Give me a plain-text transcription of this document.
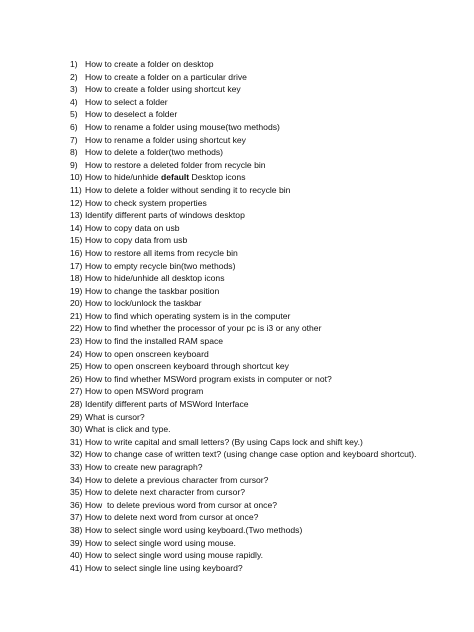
1) How to create a folder on desktop
2) How to create a folder on a particular drive
3) How to create a folder using shortcut key
4) How to select a folder
5) How to deselect a folder
6) How to rename a folder using mouse(two methods)
7) How to rename a folder using shortcut key
8) How to delete a folder(two methods)
9) How to restore a deleted folder from recycle bin
10) How to hide/unhide default Desktop icons
11) How to delete a folder without sending it to recycle bin
12) How to check system properties
13) Identify different parts of windows desktop
14) How to copy data on usb
15) How to copy data from usb
16) How to restore all items from recycle bin
17) How to empty recycle bin(two methods)
18) How to hide/unhide all desktop icons
19) How to change the taskbar position
20) How to lock/unlock the taskbar
21) How to find which operating system is in the computer
22) How to find whether the processor of your pc is i3 or any other
23) How to find the installed RAM space
24) How to open onscreen keyboard
25) How to open onscreen keyboard through shortcut key
26) How to find whether MSWord program exists in computer or not?
27) How to open MSWord program
28) Identify different parts of MSWord Interface
29) What is cursor?
30) What is click and type.
31) How to write capital and small letters? (By using Caps lock and shift key.)
32) How to change case of written text? (using change case option and keyboard shortcut).
33) How to create new paragraph?
34) How to delete a previous character from cursor?
35) How to delete next character from cursor?
36) How  to delete previous word from cursor at once?
37) How to delete next word from cursor at once?
38) How to select single word using keyboard.(Two methods)
39) How to select single word using mouse.
40) How to select single word using mouse rapidly.
41) How to select single line using keyboard?
